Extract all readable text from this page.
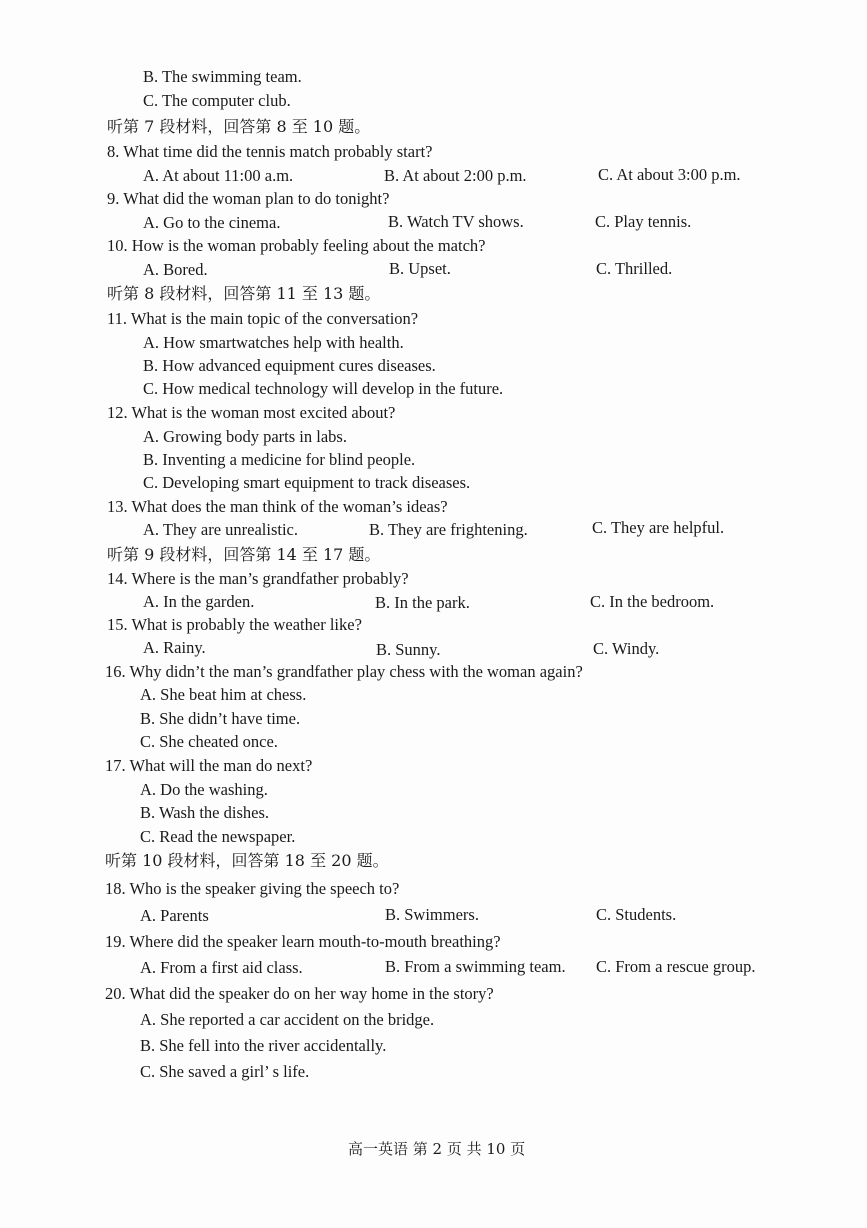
B. The swimming team.
C. The computer club.
听第 7 段材料，回答第 8 至 10 题。
8. What time did the tennis match probably start?
A. At about 11:00 a.m.	B. At about 2:00 p.m.	C. At about 3:00 p.m.
9. What did the woman plan to do tonight?
A. Go to the cinema.	B. Watch TV shows.	C. Play tennis.
10. How is the woman probably feeling about the match?
A. Bored.	B. Upset.	C. Thrilled.
听第 8 段材料，回答第 11 至 13 题。
11. What is the main topic of the conversation?
A. How smartwatches help with health.
B. How advanced equipment cures diseases.
C. How medical technology will develop in the future.
12. What is the woman most excited about?
A. Growing body parts in labs.
B. Inventing a medicine for blind people.
C. Developing smart equipment to track diseases.
13. What does the man think of the woman’s ideas?
A. They are unrealistic.	B. They are frightening.	C. They are helpful.
听第 9 段材料，回答第 14 至 17 题。
14. Where is the man’s grandfather probably?
A. In the garden.	B. In the park.	C. In the bedroom.
15. What is probably the weather like?
A. Rainy.	B. Sunny.	C. Windy.
16. Why didn’t the man’s grandfather play chess with the woman again?
A. She beat him at chess.
B. She didn’t have time.
C. She cheated once.
17. What will the man do next?
A. Do the washing.
B. Wash the dishes.
C. Read the newspaper.
听第 10 段材料，回答第 18 至 20 题。
18. Who is the speaker giving the speech to?
A. Parents	B. Swimmers.	C. Students.
19. Where did the speaker learn mouth-to-mouth breathing?
A. From a first aid class.	B. From a swimming team. C. From a rescue group.
20. What did the speaker do on her way home in the story?
A. She reported a car accident on the bridge.
B. She fell into the river accidentally.
C. She saved a girl’ s life.
高一英语 第 2 页 共 10 页
